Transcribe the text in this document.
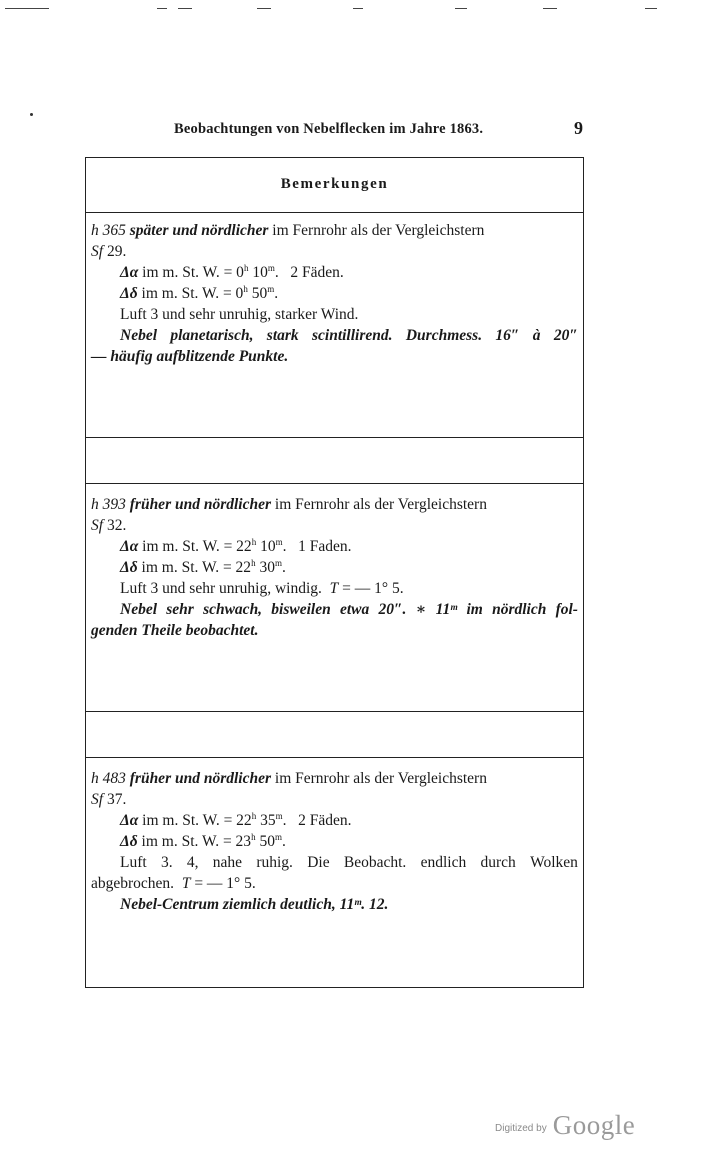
Beobachtungen von Nebelflecken im Jahre 1863.	9
Bemerkungen
h 365 später und nördlicher im Fernrohr als der Vergleichstern
Sf 29.
Δα im m. St. W. = $0^h$ 10$^m$.   2 Fäden.
Δδ im m. St. W. = $0^h$ 50$^m$.
Luft 3 und sehr unruhig, starker Wind.
Nebel planetarisch, stark scintillirend. Durchmess. 16″ à 20″
— häufig aufblitzende Punkte.
h 393 früher und nördlicher im Fernrohr als der Vergleichstern
Sf 32.
Δα im m. St. W. = $22^h$ 10$^m$.   1 Faden.
Δδ im m. St. W. = $22^h$ 30$^m$.
Luft 3 und sehr unruhig, windig. T = — 1° 5.
Nebel sehr schwach, bisweilen etwa 20″. ∗ 11ᵐ im nördlich fol-
genden Theile beobachtet.
h 483 früher und nördlicher im Fernrohr als der Vergleichstern
Sf 37.
Δα im m. St. W. = $22^h$ 35$^m$.   2 Fäden.
Δδ im m. St. W. = $23^h$ 50$^m$.
Luft 3. 4, nahe ruhig. Die Beobacht. endlich durch Wolken
abgebrochen. T = — 1° 5.
Nebel-Centrum ziemlich deutlich, 11ᵐ. 12.
Digitized by Google
